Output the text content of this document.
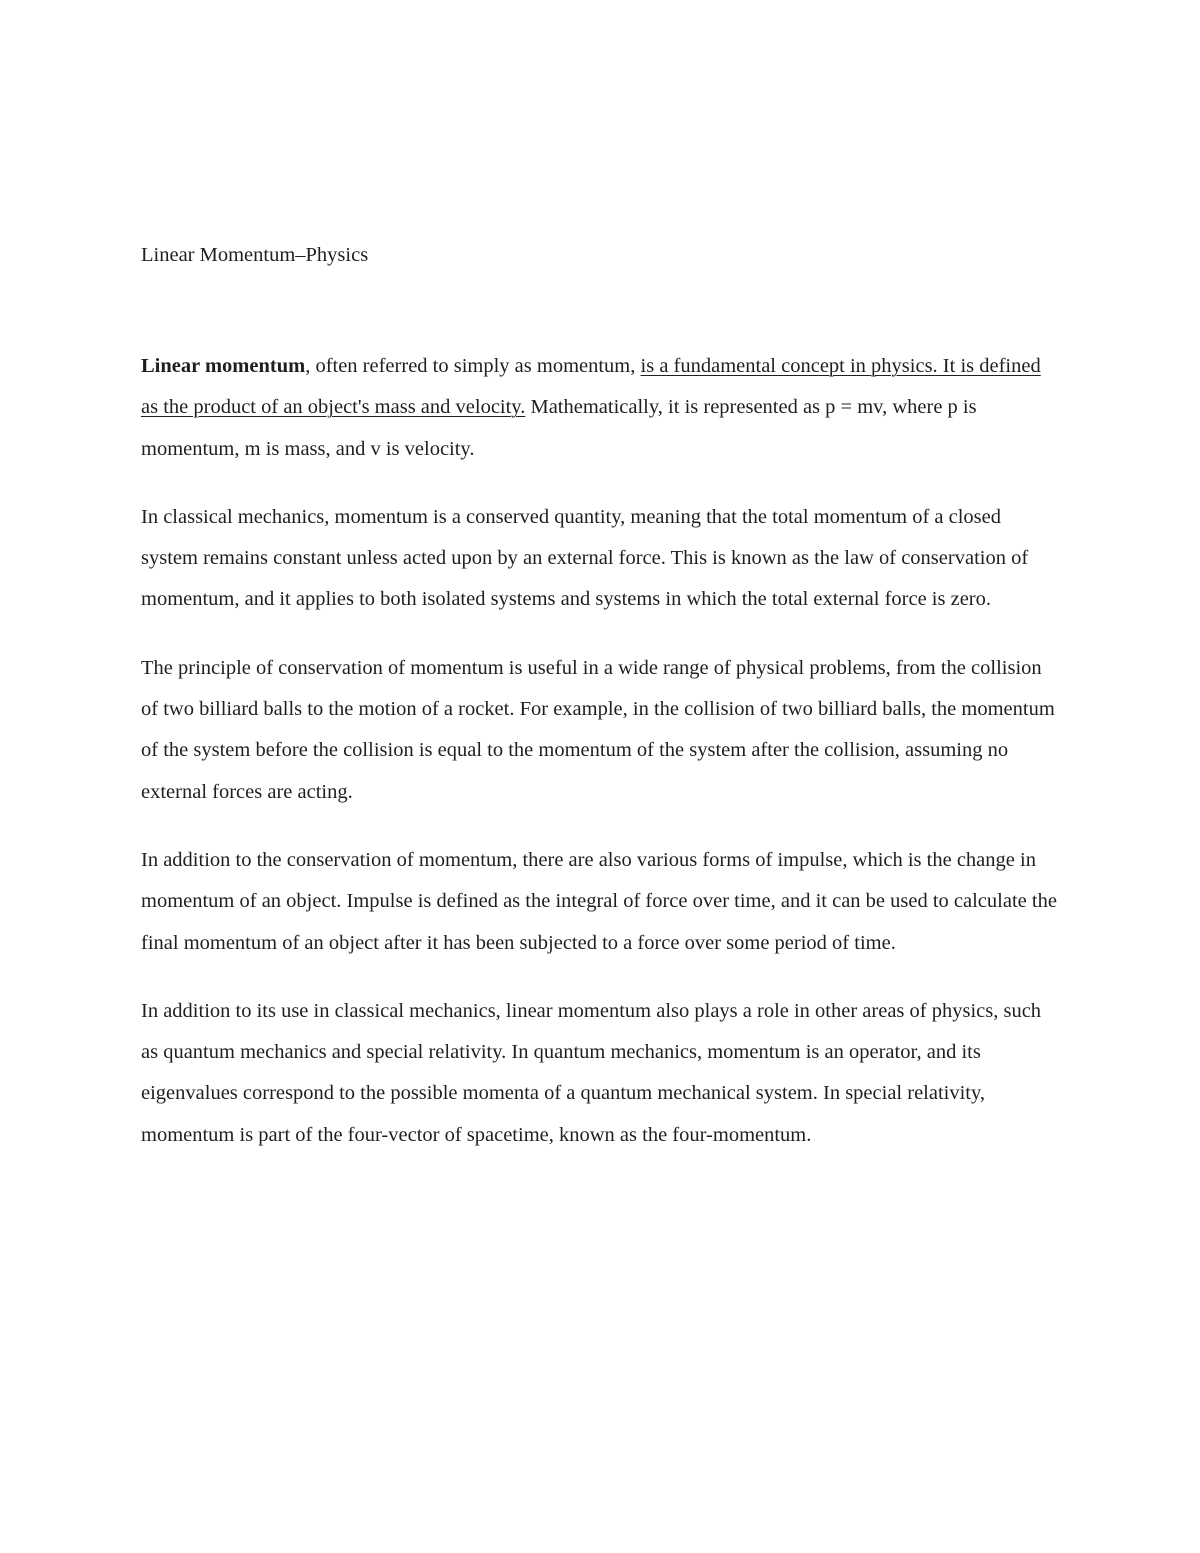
Linear Momentum–Physics

Linear momentum, often referred to simply as momentum, is a fundamental concept in physics. It is defined as the product of an object's mass and velocity. Mathematically, it is represented as p = mv, where p is momentum, m is mass, and v is velocity.

In classical mechanics, momentum is a conserved quantity, meaning that the total momentum of a closed system remains constant unless acted upon by an external force. This is known as the law of conservation of momentum, and it applies to both isolated systems and systems in which the total external force is zero.

The principle of conservation of momentum is useful in a wide range of physical problems, from the collision of two billiard balls to the motion of a rocket. For example, in the collision of two billiard balls, the momentum of the system before the collision is equal to the momentum of the system after the collision, assuming no external forces are acting.

In addition to the conservation of momentum, there are also various forms of impulse, which is the change in momentum of an object. Impulse is defined as the integral of force over time, and it can be used to calculate the final momentum of an object after it has been subjected to a force over some period of time.

In addition to its use in classical mechanics, linear momentum also plays a role in other areas of physics, such as quantum mechanics and special relativity. In quantum mechanics, momentum is an operator, and its eigenvalues correspond to the possible momenta of a quantum mechanical system. In special relativity, momentum is part of the four-vector of spacetime, known as the four-momentum.
